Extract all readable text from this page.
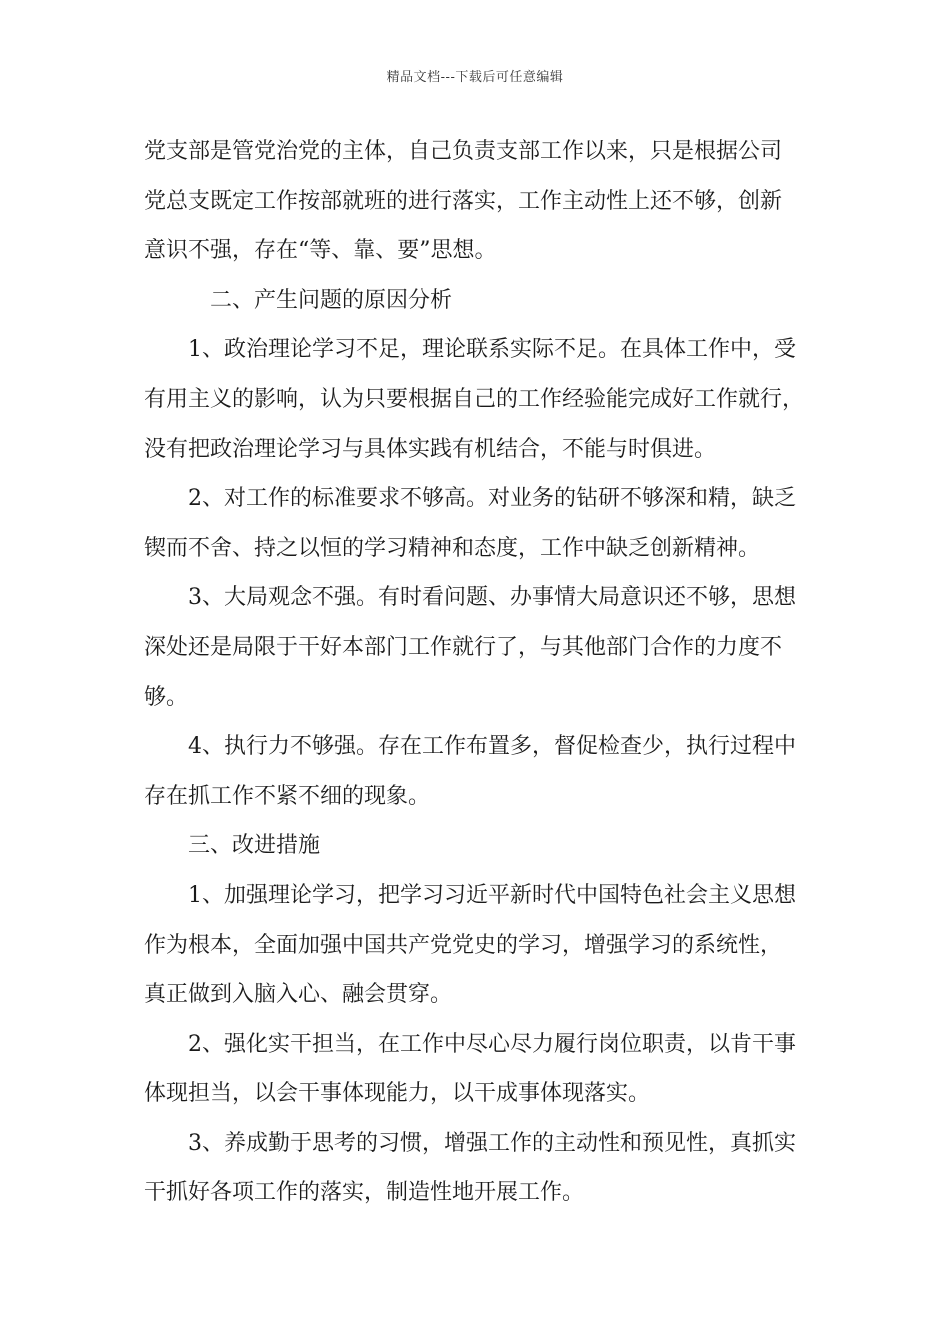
精品文档---下载后可任意编辑
党支部是管党治党的主体，自己负责支部工作以来，只是根据公司
党总支既定工作按部就班的进行落实，工作主动性上还不够，创新
意识不强，存在“等、靠、要”思想。
二、产生问题的原因分析
1、政治理论学习不足，理论联系实际不足。在具体工作中，受
有用主义的影响，认为只要根据自己的工作经验能完成好工作就行，
没有把政治理论学习与具体实践有机结合，不能与时俱进。
2、对工作的标准要求不够高。对业务的钻研不够深和精，缺乏
锲而不舍、持之以恒的学习精神和态度，工作中缺乏创新精神。
3、大局观念不强。有时看问题、办事情大局意识还不够，思想
深处还是局限于干好本部门工作就行了，与其他部门合作的力度不
够。
4、执行力不够强。存在工作布置多，督促检查少，执行过程中
存在抓工作不紧不细的现象。
三、改进措施
1、加强理论学习，把学习习近平新时代中国特色社会主义思想
作为根本，全面加强中国共产党党史的学习，增强学习的系统性，
真正做到入脑入心、融会贯穿。
2、强化实干担当，在工作中尽心尽力履行岗位职责，以肯干事
体现担当，以会干事体现能力，以干成事体现落实。
3、养成勤于思考的习惯，增强工作的主动性和预见性，真抓实
干抓好各项工作的落实，制造性地开展工作。
